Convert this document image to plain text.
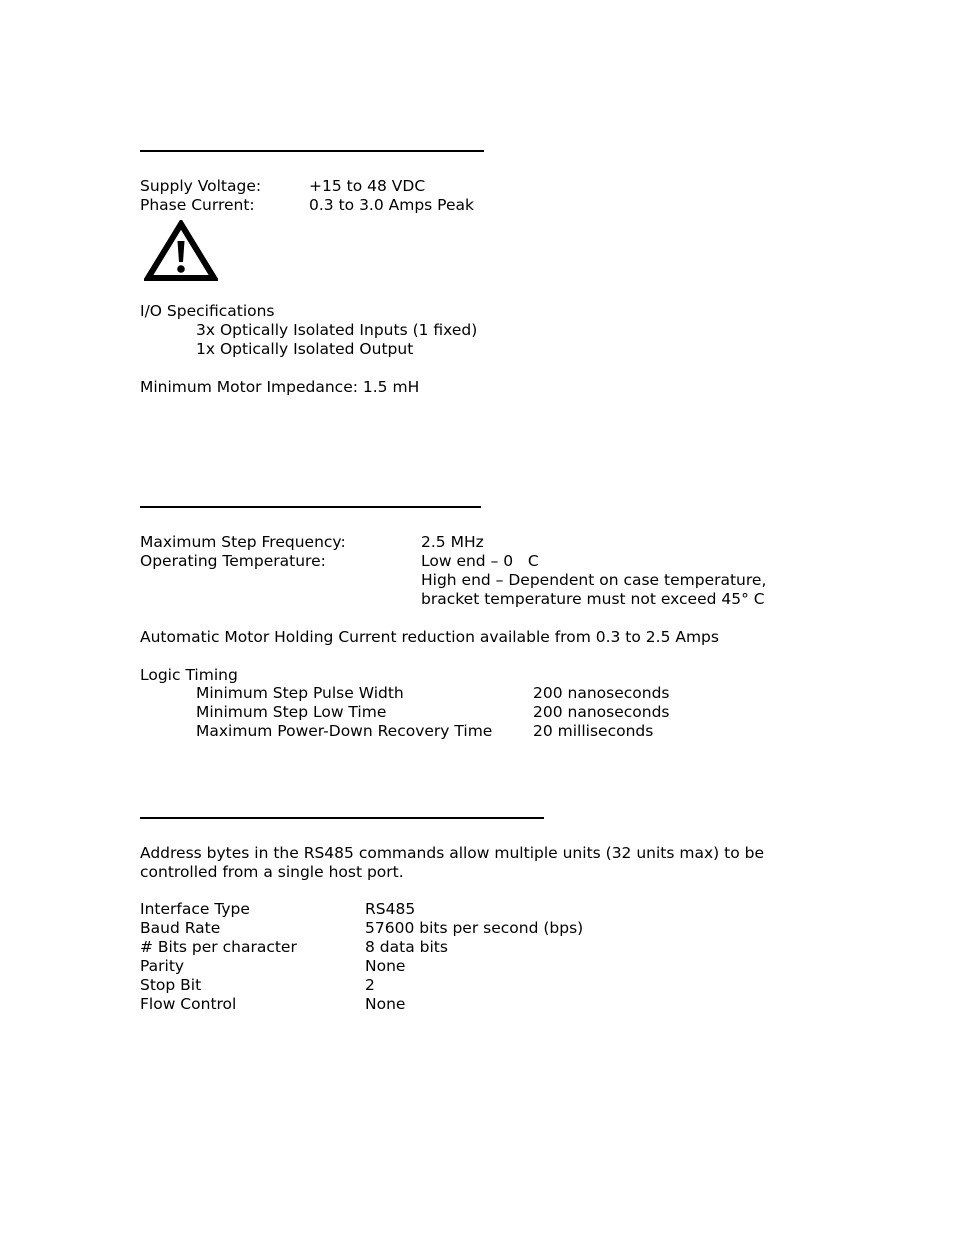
Supply Voltage:	+15 to 48 VDC
Phase Current:	0.3 to 3.0 Amps Peak
I/O Specifications
3x Optically Isolated Inputs (1 fixed)
1x Optically Isolated Output
Minimum Motor Impedance: 1.5 mH
Maximum Step Frequency:	2.5 MHz
Operating Temperature:	Low end – 0   C
High end – Dependent on case temperature,
bracket temperature must not exceed 45° C
Automatic Motor Holding Current reduction available from 0.3 to 2.5 Amps
Logic Timing
Minimum Step Pulse Width	200 nanoseconds
Minimum Step Low Time	200 nanoseconds
Maximum Power-Down Recovery Time	20 milliseconds
Address bytes in the RS485 commands allow multiple units (32 units max) to be
controlled from a single host port.
Interface Type	RS485
Baud Rate	57600 bits per second (bps)
# Bits per character	8 data bits
Parity	None
Stop Bit	2
Flow Control	None
